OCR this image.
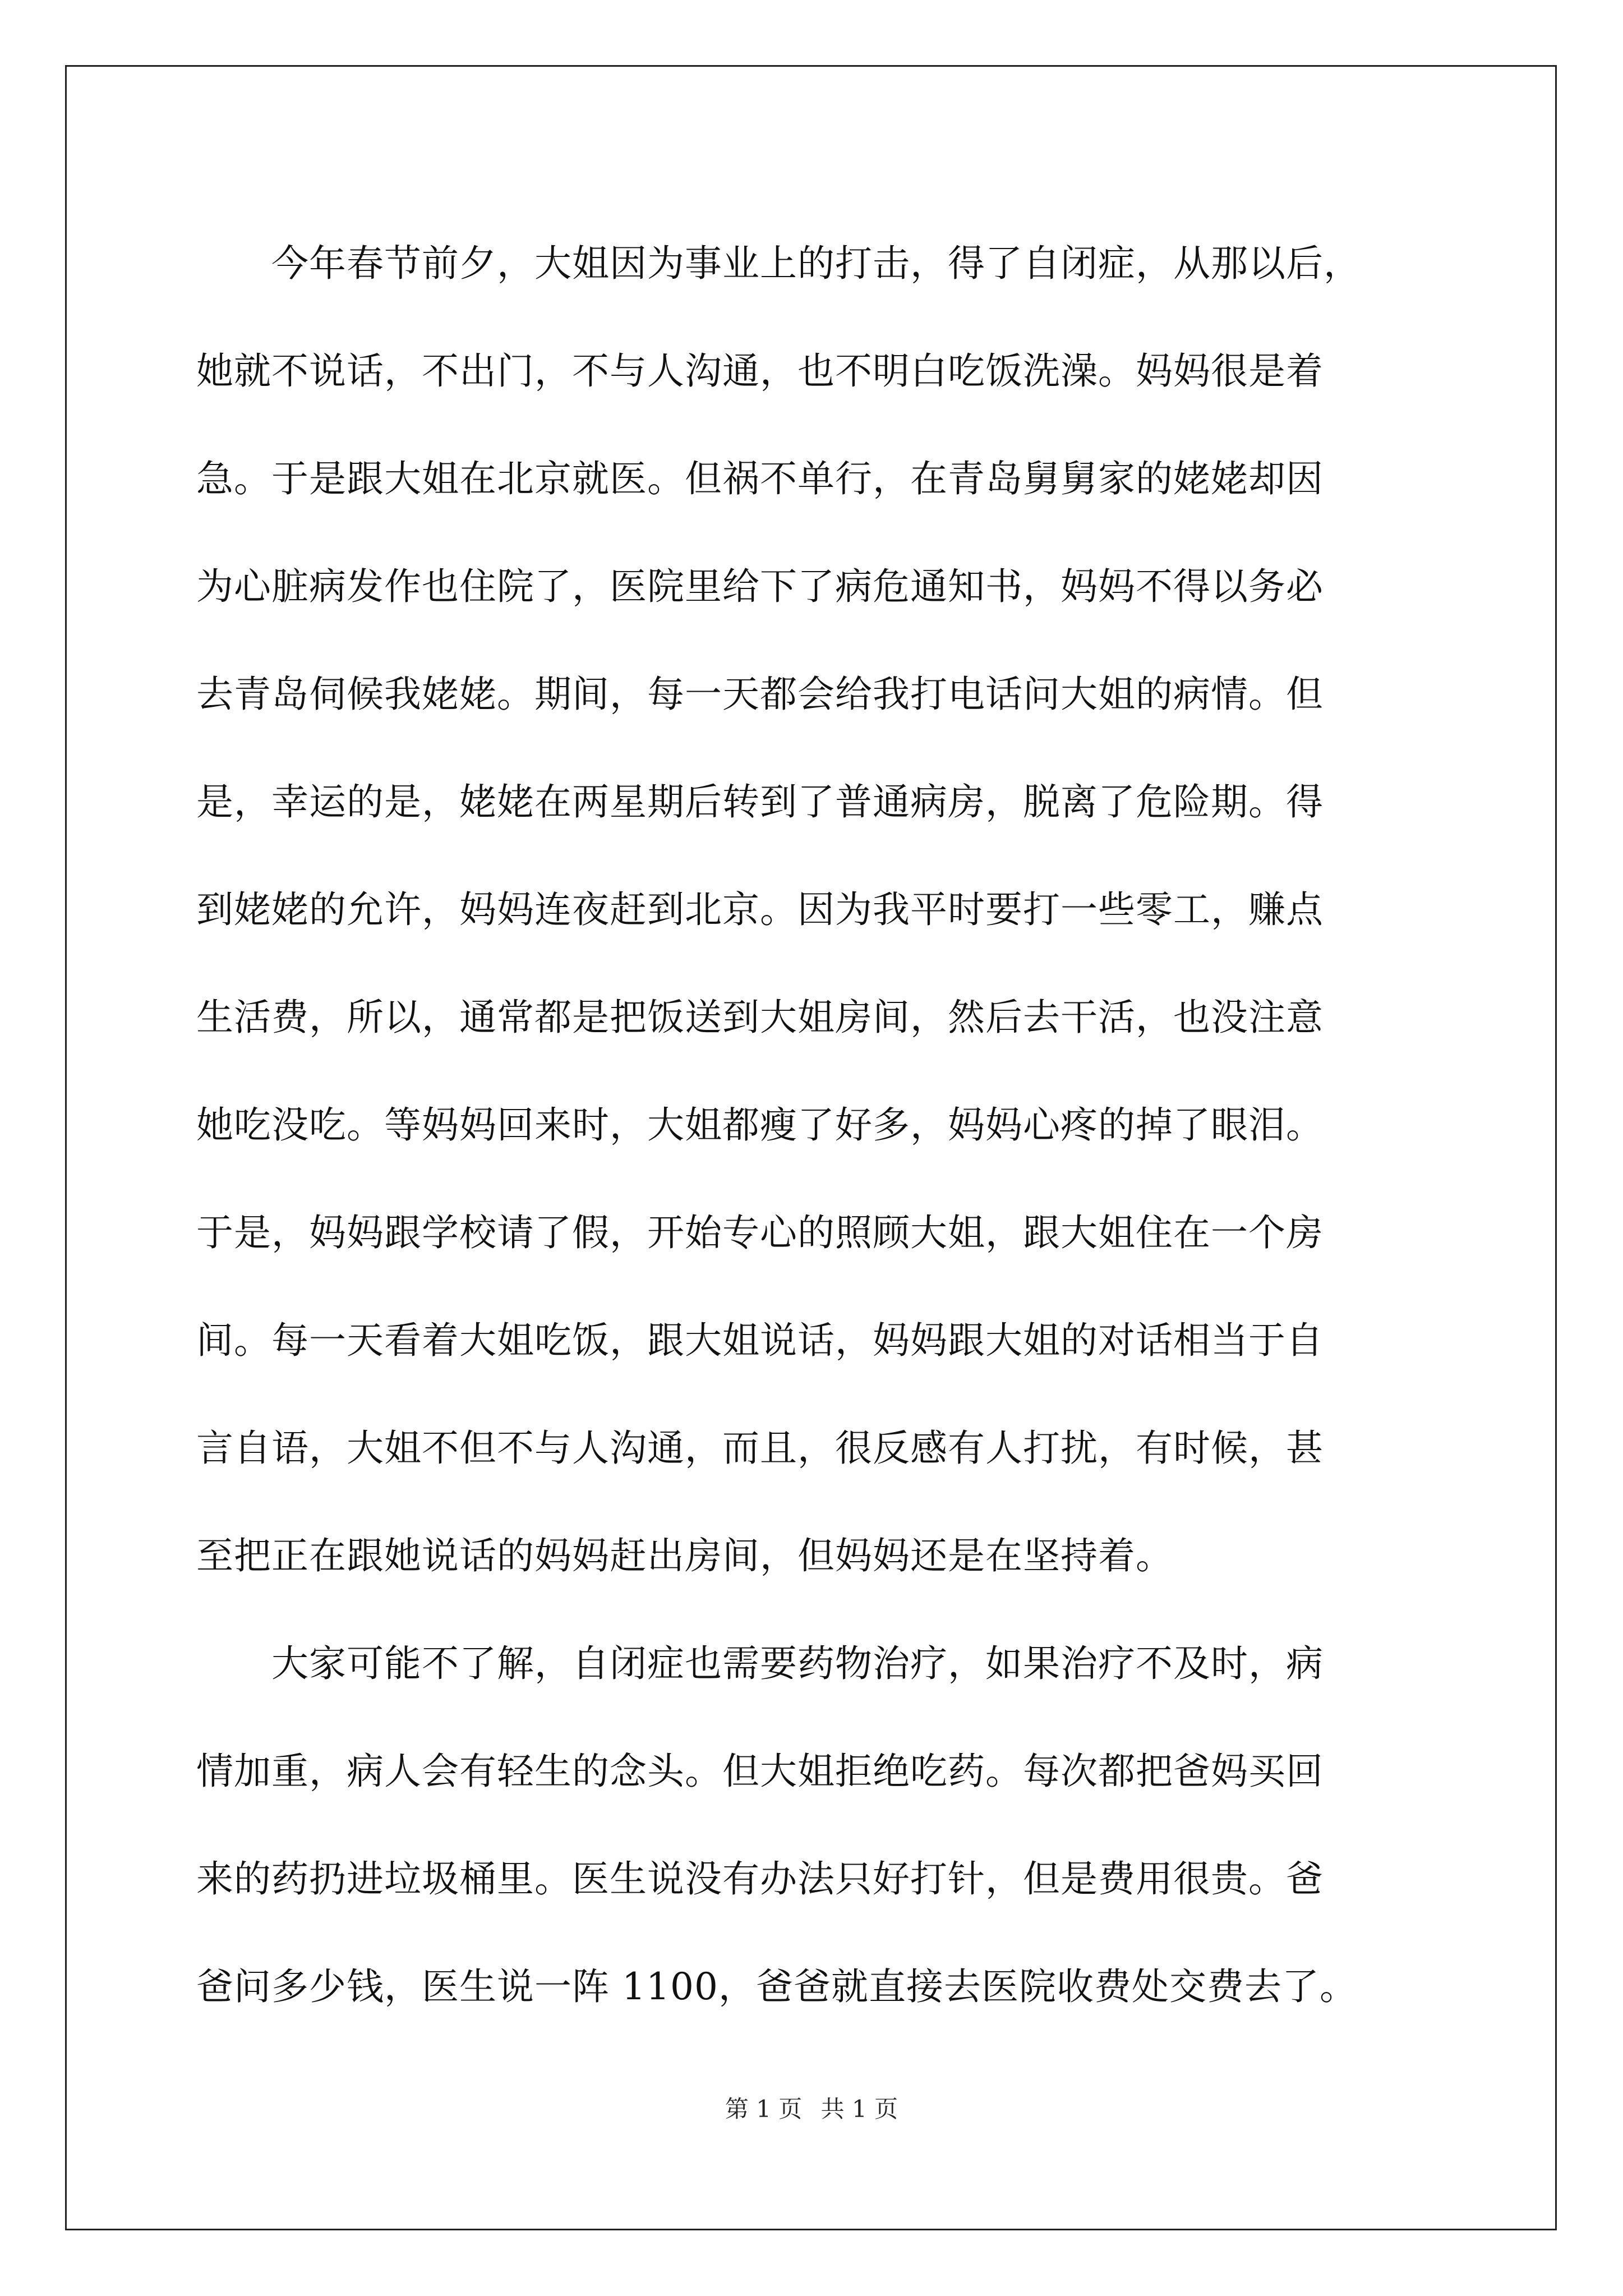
　　今年春节前夕，大姐因为事业上的打击，得了自闭症，从那以后，
她就不说话，不出门，不与人沟通，也不明白吃饭洗澡。妈妈很是着
急。于是跟大姐在北京就医。但祸不单行，在青岛舅舅家的姥姥却因
为心脏病发作也住院了，医院里给下了病危通知书，妈妈不得以务必
去青岛伺候我姥姥。期间，每一天都会给我打电话问大姐的病情。但
是，幸运的是，姥姥在两星期后转到了普通病房，脱离了危险期。得
到姥姥的允许，妈妈连夜赶到北京。因为我平时要打一些零工，赚点
生活费，所以，通常都是把饭送到大姐房间，然后去干活，也没注意
她吃没吃。等妈妈回来时，大姐都瘦了好多，妈妈心疼的掉了眼泪。
于是，妈妈跟学校请了假，开始专心的照顾大姐，跟大姐住在一个房
间。每一天看着大姐吃饭，跟大姐说话，妈妈跟大姐的对话相当于自
言自语，大姐不但不与人沟通，而且，很反感有人打扰，有时候，甚
至把正在跟她说话的妈妈赶出房间，但妈妈还是在坚持着。
　　大家可能不了解，自闭症也需要药物治疗，如果治疗不及时，病
情加重，病人会有轻生的念头。但大姐拒绝吃药。每次都把爸妈买回
来的药扔进垃圾桶里。医生说没有办法只好打针，但是费用很贵。爸
爸问多少钱，医生说一阵 1100，爸爸就直接去医院收费处交费去了。
第 1 页 共 1 页
